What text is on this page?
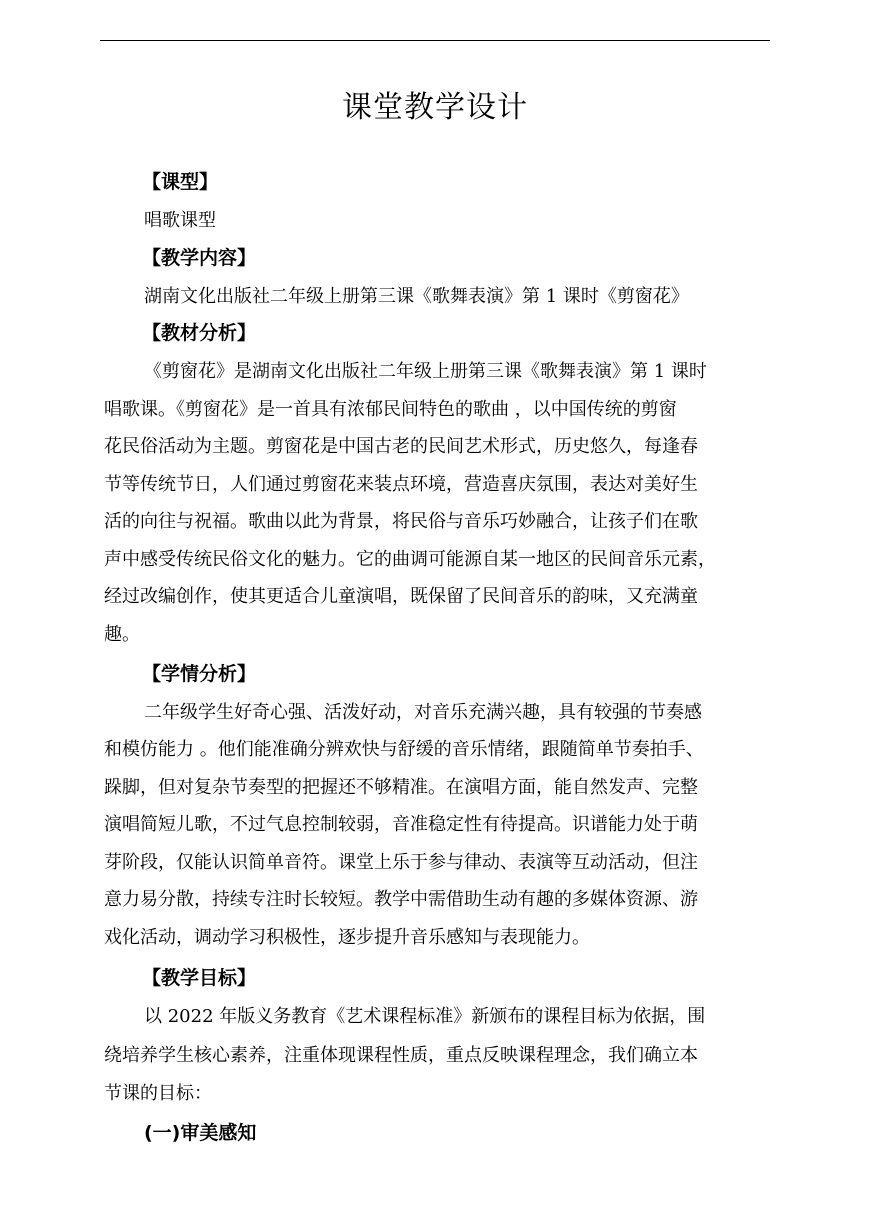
课堂教学设计
【课型】
唱歌课型
【教学内容】
湖南文化出版社二年级上册第三课《歌舞表演》第 1 课时《剪窗花》
【教材分析】
《剪窗花》是湖南文化出版社二年级上册第三课《歌舞表演》第 1 课时
唱歌课。《剪窗花》是一首具有浓郁民间特色的歌曲 ，以中国传统的剪窗
花民俗活动为主题。剪窗花是中国古老的民间艺术形式，历史悠久，每逢春
节等传统节日，人们通过剪窗花来装点环境，营造喜庆氛围，表达对美好生
活的向往与祝福。歌曲以此为背景，将民俗与音乐巧妙融合，让孩子们在歌
声中感受传统民俗文化的魅力。它的曲调可能源自某一地区的民间音乐元素，
经过改编创作，使其更适合儿童演唱，既保留了民间音乐的韵味，又充满童
趣。
【学情分析】
二年级学生好奇心强、活泼好动，对音乐充满兴趣，具有较强的节奏感
和模仿能力 。他们能准确分辨欢快与舒缓的音乐情绪，跟随简单节奏拍手、
跺脚，但对复杂节奏型的把握还不够精准。在演唱方面，能自然发声、完整
演唱简短儿歌，不过气息控制较弱，音准稳定性有待提高。识谱能力处于萌
芽阶段，仅能认识简单音符。课堂上乐于参与律动、表演等互动活动，但注
意力易分散，持续专注时长较短。教学中需借助生动有趣的多媒体资源、游
戏化活动，调动学习积极性，逐步提升音乐感知与表现能力。
【教学目标】
以 2022 年版义务教育《艺术课程标准》新颁布的课程目标为依据，围
绕培养学生核心素养，注重体现课程性质，重点反映课程理念，我们确立本
节课的目标：
(一)审美感知
